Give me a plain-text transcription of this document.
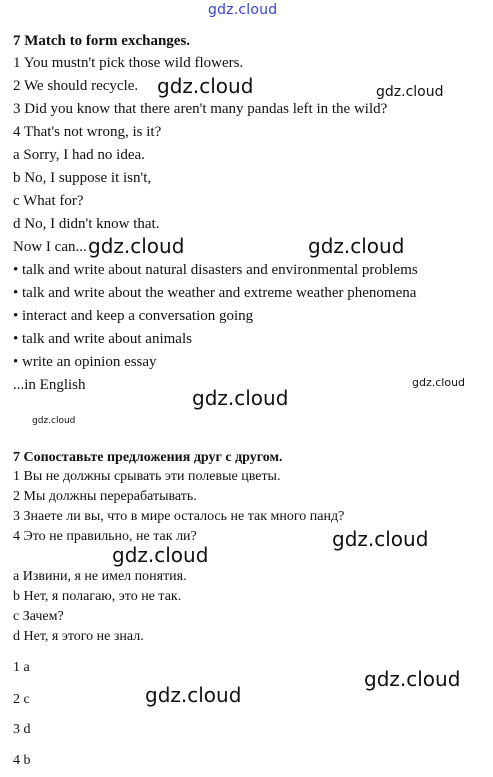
gdz.cloud
gdz.cloud	gdz.cloud
gdz.cloud	gdz.cloud
gdz.cloud
gdz.cloud
gdz.cloud
gdz.cloud
gdz.cloud
gdz.cloud
gdz.cloud
7 Match to form exchanges.
1 You mustn't pick those wild flowers.
2 We should recycle.
3 Did you know that there aren't many pandas left in the wild?
4 That's not wrong, is it?
a Sorry, I had no idea.
b No, I suppose it isn't,
c What for?
d No, I didn't know that.
Now I can...
• talk and write about natural disasters and environmental problems
• talk and write about the weather and extreme weather phenomena
• interact and keep a conversation going
• talk and write about animals
• write an opinion essay
...in English
7 Сопоставьте предложения друг с другом.
1 Вы не должны срывать эти полевые цветы.
2 Мы должны перерабатывать.
3 Знаете ли вы, что в мире осталось не так много панд?
4 Это не правильно, не так ли?
a Извини, я не имел понятия.
b Нет, я полагаю, это не так.
c Зачем?
d Нет, я этого не знал.
1 a
2 c
3 d
4 b
